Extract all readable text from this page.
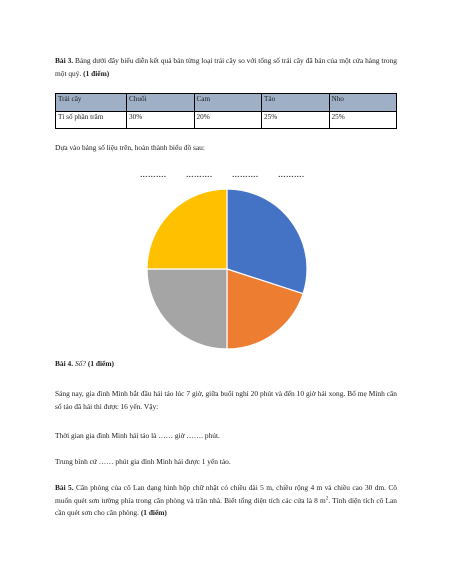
Bài 3. Bảng dưới đây biểu diễn kết quả bán từng loại trái cây so với tổng số trái cây đã bán của một cửa hàng trong một quý. (1 điểm)

Trái cây	Chuối	Cam	Táo	Nho
Tỉ số phần trăm	30%	20%	25%	25%

Dựa vào bảng số liệu trên, hoàn thành biểu đồ sau:

……….	……….	……….	……….

Bài 4. Số? (1 điểm)

Sáng nay, gia đình Minh bắt đầu hái táo lúc 7 giờ, giữa buổi nghỉ 20 phút và đến 10 giờ hái xong. Bố mẹ Minh cân số táo đã hái thì được 16 yến. Vậy:

Thời gian gia đình Minh hái táo là …… giờ ……. phút.

Trung bình cứ …… phút gia đình Minh hái được 1 yến táo.

Bài 5. Căn phòng của cô Lan dạng hình hộp chữ nhật có chiều dài 5 m, chiều rộng 4 m và chiều cao 30 dm. Cô muốn quét sơn tường phía trong căn phòng và trần nhà. Biết tổng diện tích các cửa là 8 $m^2$. Tính diện tích cô Lan cần quét sơn cho căn phòng. (1 điểm)
